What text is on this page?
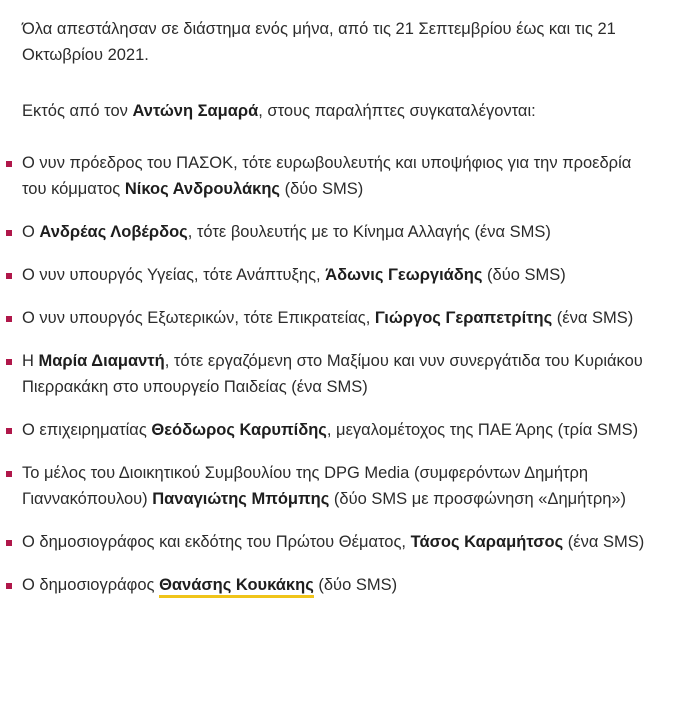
Όλα απεστάλησαν σε διάστημα ενός μήνα, από τις 21 Σεπτεμβρίου έως και τις 21 Οκτωβρίου 2021.

Εκτός από τον Αντώνη Σαμαρά, στους παραλήπτες συγκαταλέγονται:

Ο νυν πρόεδρος του ΠΑΣΟΚ, τότε ευρωβουλευτής και υποψήφιος για την προεδρία του κόμματος Νίκος Ανδρουλάκης (δύο SMS)
Ο Ανδρέας Λοβέρδος, τότε βουλευτής με το Κίνημα Αλλαγής (ένα SMS)
Ο νυν υπουργός Υγείας, τότε Ανάπτυξης, Άδωνις Γεωργιάδης (δύο SMS)
Ο νυν υπουργός Εξωτερικών, τότε Επικρατείας, Γιώργος Γεραπετρίτης (ένα SMS)
Η Μαρία Διαμαντή, τότε εργαζόμενη στο Μαξίμου και νυν συνεργάτιδα του Κυριάκου Πιερρακάκη στο υπουργείο Παιδείας (ένα SMS)
Ο επιχειρηματίας Θεόδωρος Καρυπίδης, μεγαλομέτοχος της ΠΑΕ Άρης (τρία SMS)
Το μέλος του Διοικητικού Συμβουλίου της DPG Media (συμφερόντων Δημήτρη Γιαννακόπουλου) Παναγιώτης Μπόμπης (δύο SMS με προσφώνηση «Δημήτρη»)
Ο δημοσιογράφος και εκδότης του Πρώτου Θέματος, Τάσος Καραμήτσος (ένα SMS)
Ο δημοσιογράφος Θανάσης Κουκάκης (δύο SMS)
